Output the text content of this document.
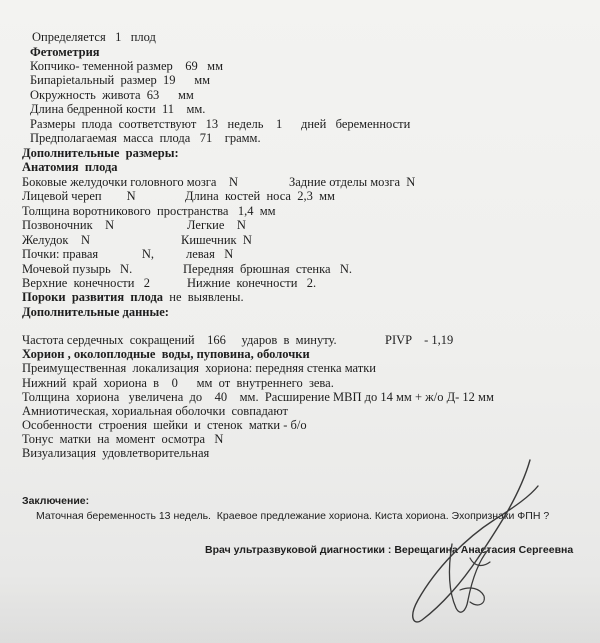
Определяется   1   плод
Фетометрия
Копчико- теменной размер    69   мм
Бипарietальный  размер  19      мм
Окружность  живота  63      мм
Длина бедренной кости  11    мм.
Размеры  плода  соответствуют   13   недель    1      дней   беременности
Предполагаемая  масса  плода   71    грамм.
Дополнительные  размеры:
Анатомия  плода
Боковые желудочки головного мозга    N	Задние отделы мозга  N
Лицевой череп        N	Длина  костей  носа  2,3  мм
Толщина воротникового  пространства   1,4  мм
Позвоночник    N	Легкие    N
Желудок    N	Кишечник  N
Почки: правая              N,	левая   N
Мочевой пузырь   N.	Передняя  брюшная  стенка   N.
Верхние  конечности   2	Нижние  конечности   2.
Пороки  развития  плода не  выявлены.
Дополнительные данные:
Частота сердечных  сокращений    166     ударов  в  минуту.	PIVP    - 1,19
Хорион , околоплодные  воды, пуповина, оболочки
Преимущественная  локализация  хориона: передняя стенка матки
Нижний  край  хориона  в    0      мм  от  внутреннего  зева.
Толщина  хориона   увеличена  до    40    мм.  Расширение МВП до 14 мм + ж/о Д- 12 мм
Амниотическая, хориальная оболочки  совпадают
Особенности  строения  шейки  и  стенок  матки - б/о
Тонус  матки  на  момент  осмотра   N
Визуализация  удовлетворительная
Заключение:
Маточная беременность 13 недель.  Краевое предлежание хориона. Киста хориона. Эхопризнаки ФПН ?
Врач ультразвуковой диагностики : Верещагина Анастасия Сергеевна
